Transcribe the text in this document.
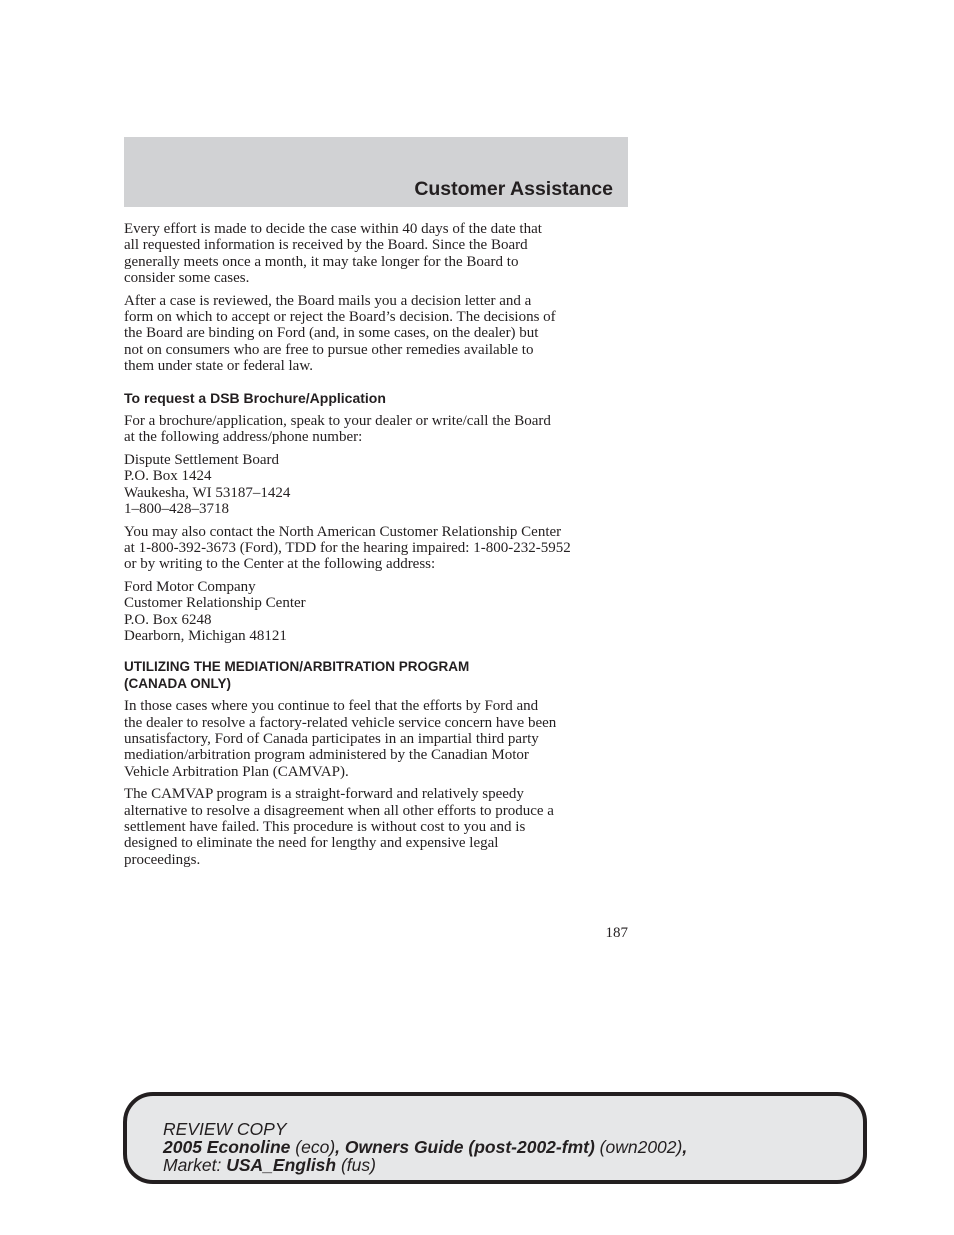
Customer Assistance

Every effort is made to decide the case within 40 days of the date that
all requested information is received by the Board. Since the Board
generally meets once a month, it may take longer for the Board to
consider some cases.

After a case is reviewed, the Board mails you a decision letter and a
form on which to accept or reject the Board’s decision. The decisions of
the Board are binding on Ford (and, in some cases, on the dealer) but
not on consumers who are free to pursue other remedies available to
them under state or federal law.

To request a DSB Brochure/Application

For a brochure/application, speak to your dealer or write/call the Board
at the following address/phone number:

Dispute Settlement Board
P.O. Box 1424
Waukesha, WI 53187–1424
1–800–428–3718

You may also contact the North American Customer Relationship Center
at 1-800-392-3673 (Ford), TDD for the hearing impaired: 1-800-232-5952
or by writing to the Center at the following address:

Ford Motor Company
Customer Relationship Center
P.O. Box 6248
Dearborn, Michigan 48121

UTILIZING THE MEDIATION/ARBITRATION PROGRAM
(CANADA ONLY)

In those cases where you continue to feel that the efforts by Ford and
the dealer to resolve a factory-related vehicle service concern have been
unsatisfactory, Ford of Canada participates in an impartial third party
mediation/arbitration program administered by the Canadian Motor
Vehicle Arbitration Plan (CAMVAP).

The CAMVAP program is a straight-forward and relatively speedy
alternative to resolve a disagreement when all other efforts to produce a
settlement have failed. This procedure is without cost to you and is
designed to eliminate the need for lengthy and expensive legal
proceedings.

187
REVIEW COPY
2005 Econoline (eco), Owners Guide (post-2002-fmt) (own2002),
Market: USA_English (fus)
